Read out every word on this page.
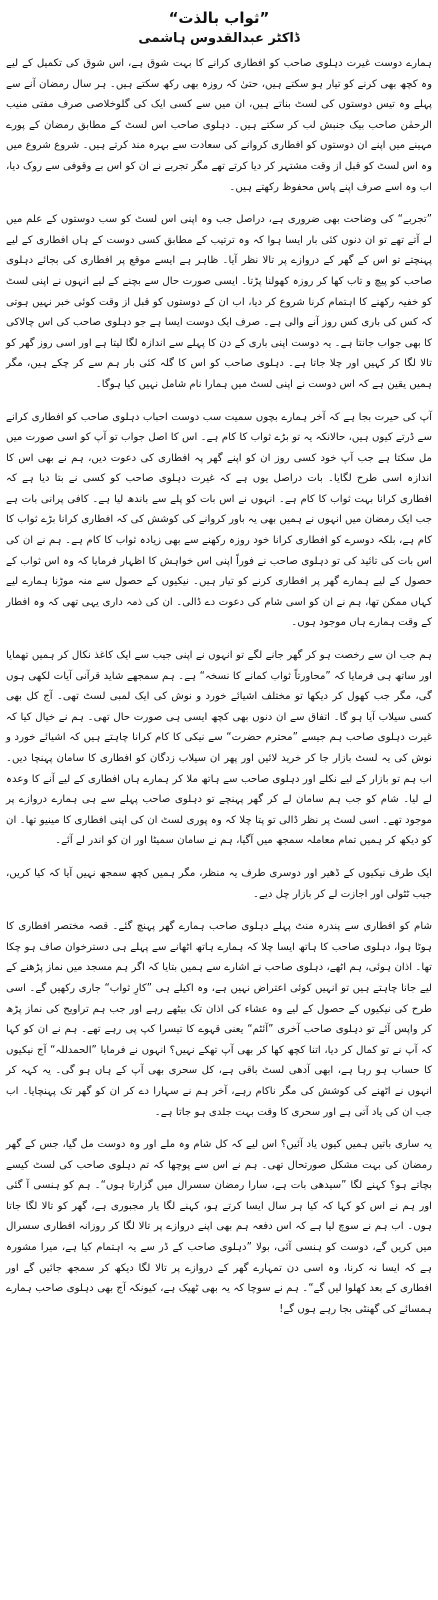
”ثواب بالذت“
ڈاکٹر عبدالقدوس ہاشمی

ہمارے دوست غیرت دہلوی صاحب کو افطاری کرانے کا بہت شوق ہے، اس شوق کی تکمیل کے لیے وہ کچھ بھی کرنے کو تیار ہو سکتے ہیں، حتیٰ کہ روزہ بھی رکھ سکتے ہیں۔ ہر سال رمضان آنے سے پہلے وہ تیس دوستوں کی لسٹ بناتے ہیں، ان میں سے کسی ایک کی گلوخلاصی صرف مفتی منیب الرحمٰن صاحب بیک جنبش لب کر سکتے ہیں۔ دہلوی صاحب اس لسٹ کے مطابق رمضان کے پورے مہینے میں اپنے ان دوستوں کو افطاری کروانے کی سعادت سے بہرہ مند کرتے ہیں۔ شروع شروع میں وہ اس لسٹ کو قبل از وقت مشتہر کر دیا کرتے تھے مگر تجربے نے ان کو اس بے وقوفی سے روک دیا، اب وہ اسے صرف اپنے پاس محفوظ رکھتے ہیں۔

”تجربے“ کی وضاحت بھی ضروری ہے، دراصل جب وہ اپنی اس لسٹ کو سب دوستوں کے علم میں لے آتے تھے تو ان دنوں کئی بار ایسا ہوا کہ وہ ترتیب کے مطابق کسی دوست کے ہاں افطاری کے لیے پہنچتے تو اس کے گھر کے دروازے پر تالا نظر آیا۔ ظاہر ہے ایسے موقع پر افطاری کی بجائے دہلوی صاحب کو پیچ و تاب کھا کر روزہ کھولنا پڑتا۔ ایسی صورت حال سے بچنے کے لیے انہوں نے اپنی لسٹ کو خفیہ رکھنے کا اہتمام کرنا شروع کر دیا، اب ان کے دوستوں کو قبل از وقت کوئی خبر نہیں ہوتی کہ کس کی باری کس روز آنے والی ہے۔ صرف ایک دوست ایسا ہے جو دہلوی صاحب کی اس چالاکی کا بھی جواب جانتا ہے۔ یہ دوست اپنی باری کے دن کا پہلے سے اندازہ لگا لیتا ہے اور اسی روز گھر کو تالا لگا کر کہیں اور چلا جاتا ہے۔ دہلوی صاحب کو اس کا گلہ کئی بار ہم سے کر چکے ہیں، مگر ہمیں یقین ہے کہ اس دوست نے اپنی لسٹ میں ہمارا نام شامل نہیں کیا ہوگا۔

آپ کی حیرت بجا ہے کہ آخر ہمارے بچوں سمیت سب دوست احباب دہلوی صاحب کو افطاری کرانے سے ڈرتے کیوں ہیں، حالانکہ یہ تو بڑے ثواب کا کام ہے۔ اس کا اصل جواب تو آپ کو اسی صورت میں مل سکتا ہے جب آپ خود کسی روز ان کو اپنے گھر پہ افطاری کی دعوت دیں، ہم نے بھی اس کا اندازہ اسی طرح لگایا۔ بات دراصل یوں ہے کہ غیرت دہلوی صاحب کو کسی نے بتا دیا ہے کہ افطاری کرانا بہت ثواب کا کام ہے۔ انہوں نے اس بات کو پلے سے باندھ لیا ہے۔ کافی پرانی بات ہے جب ایک رمضان میں انہوں نے ہمیں بھی یہ باور کروانے کی کوشش کی کہ افطاری کرانا بڑے ثواب کا کام ہے، بلکہ دوسرے کو افطاری کرانا خود روزہ رکھنے سے بھی زیادہ ثواب کا کام ہے۔ ہم نے ان کی اس بات کی تائید کی تو دہلوی صاحب نے فوراً اپنی اس خواہش کا اظہار فرمایا کہ وہ اس ثواب کے حصول کے لیے ہمارے گھر پر افطاری کرنے کو تیار ہیں۔ نیکیوں کے حصول سے منہ موڑنا ہمارے لیے کہاں ممکن تھا، ہم نے ان کو اسی شام کی دعوت دے ڈالی۔ ان کی ذمہ داری یہی تھی کہ وہ افطار کے وقت ہمارے ہاں موجود ہوں۔

ہم جب ان سے رخصت ہو کر گھر جانے لگے تو انہوں نے اپنی جیب سے ایک کاغذ نکال کر ہمیں تھمایا اور ساتھ ہی فرمایا کہ ”محاورتاً ثواب کمانے کا نسخہ“ ہے۔ ہم سمجھے شاید قرآنی آیات لکھی ہوں گی، مگر جب کھول کر دیکھا تو مختلف اشیائے خورد و نوش کی ایک لمبی لسٹ تھی۔ آج کل بھی کسی سیلاب آیا ہو گا۔ اتفاق سے ان دنوں بھی کچھ ایسی ہی صورت حال تھی۔ ہم نے خیال کیا کہ غیرت دہلوی صاحب ہم جیسے ”محترم حضرت“ سے نیکی کا کام کرانا چاہتے ہیں کہ اشیائے خورد و نوش کی یہ لسٹ بازار جا کر خرید لائیں اور پھر ان سیلاب زدگان کو افطاری کا سامان پہنچا دیں۔ اب ہم تو بازار کے لیے نکلے اور دہلوی صاحب سے ہاتھ ملا کر ہمارے ہاں افطاری کے لیے آنے کا وعدہ لے لیا۔ شام کو جب ہم سامان لے کر گھر پہنچے تو دہلوی صاحب پہلے سے ہی ہمارے دروازے پر موجود تھے۔ اسی لسٹ پر نظر ڈالی تو پتا چلا کہ وہ پوری لسٹ ان کی اپنی افطاری کا مینیو تھا۔ ان کو دیکھ کر ہمیں تمام معاملہ سمجھ میں آگیا، ہم نے سامان سمیٹا اور ان کو اندر لے آئے۔

ایک طرف نیکیوں کے ڈھیر اور دوسری طرف یہ منظر، مگر ہمیں کچھ سمجھ نہیں آیا کہ کیا کریں، جیب ٹٹولی اور اجازت لے کر بازار چل دیے۔

شام کو افطاری سے پندرہ منٹ پہلے دہلوی صاحب ہمارے گھر پہنچ گئے۔ قصہ مختصر افطاری کا ہوٹا ہوا، دہلوی صاحب کا ہاتھ ایسا چلا کہ ہمارے ہاتھ اٹھانے سے پہلے ہی دسترخوان صاف ہو چکا تھا۔ اذان ہوئی، ہم اٹھے، دہلوی صاحب نے اشارے سے ہمیں بتایا کہ اگر ہم مسجد میں نماز پڑھنے کے لیے جانا چاہتے ہیں تو انہیں کوئی اعتراض نہیں ہے، وہ اکیلے ہی ”کارِ ثواب“ جاری رکھیں گے۔ اسی طرح کی نیکیوں کے حصول کے لیے وہ عشاء کی اذان تک بیٹھے رہے اور جب ہم تراویح کی نماز پڑھ کر واپس آئے تو دہلوی صاحب آخری ”آئٹم“ یعنی قہوے کا تیسرا کپ پی رہے تھے۔ ہم نے ان کو کہا کہ آپ نے تو کمال کر دیا، اتنا کچھ کھا کر بھی آپ تھکے نہیں؟ انہوں نے فرمایا ”الحمدللہ“ آج نیکیوں کا حساب ہو رہا ہے، ابھی آدھی لسٹ باقی ہے، کل سحری بھی آپ کے ہاں ہو گی۔ یہ کہہ کر انہوں نے اٹھنے کی کوشش کی مگر ناکام رہے، آخر ہم نے سہارا دے کر ان کو گھر تک پہنچایا۔ اب جب ان کی یاد آتی ہے اور سحری کا وقت بہت جلدی ہو جاتا ہے۔

یہ ساری باتیں ہمیں کیوں یاد آئیں؟ اس لیے کہ کل شام وہ ملے اور وہ دوست مل گیا، جس کے گھر رمضان کی بہت مشکل صورتحال تھی۔ ہم نے اس سے پوچھا کہ تم دہلوی صاحب کی لسٹ کیسے بچاتے ہو؟ کہنے لگا ”سیدھی بات ہے، سارا رمضان سسرال میں گزارتا ہوں“۔ ہم کو ہنسی آ گئی اور ہم نے اس کو کہا کہ کیا ہر سال ایسا کرتے ہو، کہنے لگا یار مجبوری ہے، گھر کو تالا لگا جاتا ہوں۔ اب ہم نے سوچ لیا ہے کہ اس دفعہ ہم بھی اپنے دروازے پر تالا لگا کر روزانہ افطاری سسرال میں کریں گے، دوست کو ہنسی آئی، بولا ”دہلوی صاحب کے ڈر سے یہ اہتمام کیا ہے، میرا مشورہ ہے کہ ایسا نہ کرنا، وہ اسی دن تمہارے گھر کے دروازے پر تالا لگا دیکھ کر سمجھ جائیں گے اور افطاری کے بعد کھلوا لیں گے“۔ ہم نے سوچا کہ یہ بھی ٹھیک ہے، کیونکہ آج بھی دہلوی صاحب ہمارے ہمسائے کی گھنٹی بجا رہے ہوں گے!
